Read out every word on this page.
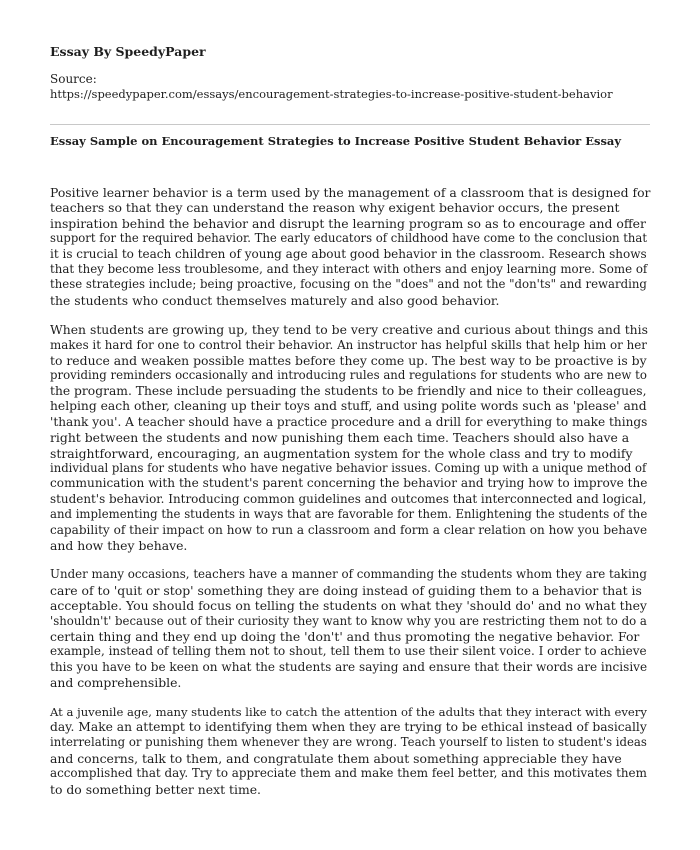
Essay By SpeedyPaper
Source:
https://speedypaper.com/essays/encouragement-strategies-to-increase-positive-student-behavior
Essay Sample on Encouragement Strategies to Increase Positive Student Behavior Essay

Positive learner behavior is a term used by the management of a classroom that is designed for
teachers so that they can understand the reason why exigent behavior occurs, the present
inspiration behind the behavior and disrupt the learning program so as to encourage and offer
support for the required behavior. The early educators of childhood have come to the conclusion that
it is crucial to teach children of young age about good behavior in the classroom. Research shows
that they become less troublesome, and they interact with others and enjoy learning more. Some of
these strategies include; being proactive, focusing on the "does" and not the "don'ts" and rewarding
the students who conduct themselves maturely and also good behavior.

When students are growing up, they tend to be very creative and curious about things and this
makes it hard for one to control their behavior. An instructor has helpful skills that help him or her
to reduce and weaken possible mattes before they come up. The best way to be proactive is by
providing reminders occasionally and introducing rules and regulations for students who are new to
the program. These include persuading the students to be friendly and nice to their colleagues,
helping each other, cleaning up their toys and stuff, and using polite words such as 'please' and
'thank you'. A teacher should have a practice procedure and a drill for everything to make things
right between the students and now punishing them each time. Teachers should also have a
straightforward, encouraging, an augmentation system for the whole class and try to modify
individual plans for students who have negative behavior issues. Coming up with a unique method of
communication with the student's parent concerning the behavior and trying how to improve the
student's behavior. Introducing common guidelines and outcomes that interconnected and logical,
and implementing the students in ways that are favorable for them. Enlightening the students of the
capability of their impact on how to run a classroom and form a clear relation on how you behave
and how they behave.

Under many occasions, teachers have a manner of commanding the students whom they are taking
care of to 'quit or stop' something they are doing instead of guiding them to a behavior that is
acceptable. You should focus on telling the students on what they 'should do' and no what they
'shouldn't' because out of their curiosity they want to know why you are restricting them not to do a
certain thing and they end up doing the 'don't' and thus promoting the negative behavior. For
example, instead of telling them not to shout, tell them to use their silent voice. I order to achieve
this you have to be keen on what the students are saying and ensure that their words are incisive
and comprehensible.

At a juvenile age, many students like to catch the attention of the adults that they interact with every
day. Make an attempt to identifying them when they are trying to be ethical instead of basically
interrelating or punishing them whenever they are wrong. Teach yourself to listen to student's ideas
and concerns, talk to them, and congratulate them about something appreciable they have
accomplished that day. Try to appreciate them and make them feel better, and this motivates them
to do something better next time.
